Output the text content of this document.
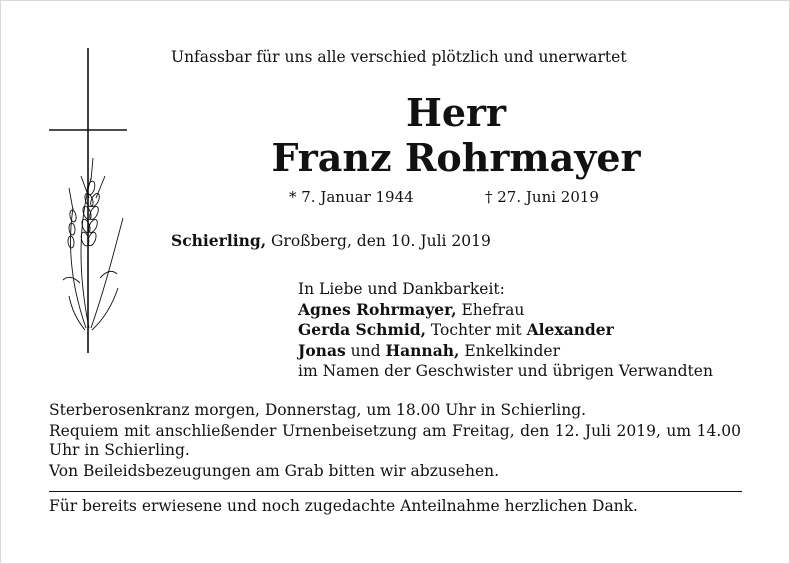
Unfassbar für uns alle verschied plötzlich und unerwartet
Herr
Franz Rohrmayer
* 7. Januar 1944	† 27. Juni 2019
Schierling, Großberg, den 10. Juli 2019
In Liebe und Dankbarkeit:
Agnes Rohrmayer, Ehefrau
Gerda Schmid, Tochter mit Alexander
Jonas und Hannah, Enkelkinder
im Namen der Geschwister und übrigen Verwandten

Sterberosenkranz morgen, Donnerstag, um 18.00 Uhr in Schierling.

Requiem mit anschließender Urnenbeisetzung am Freitag, den 12. Juli 2019, um 14.00 Uhr in Schierling.

Von Beileidsbezeugungen am Grab bitten wir abzusehen.

Für bereits erwiesene und noch zugedachte Anteilnahme herzlichen Dank.
